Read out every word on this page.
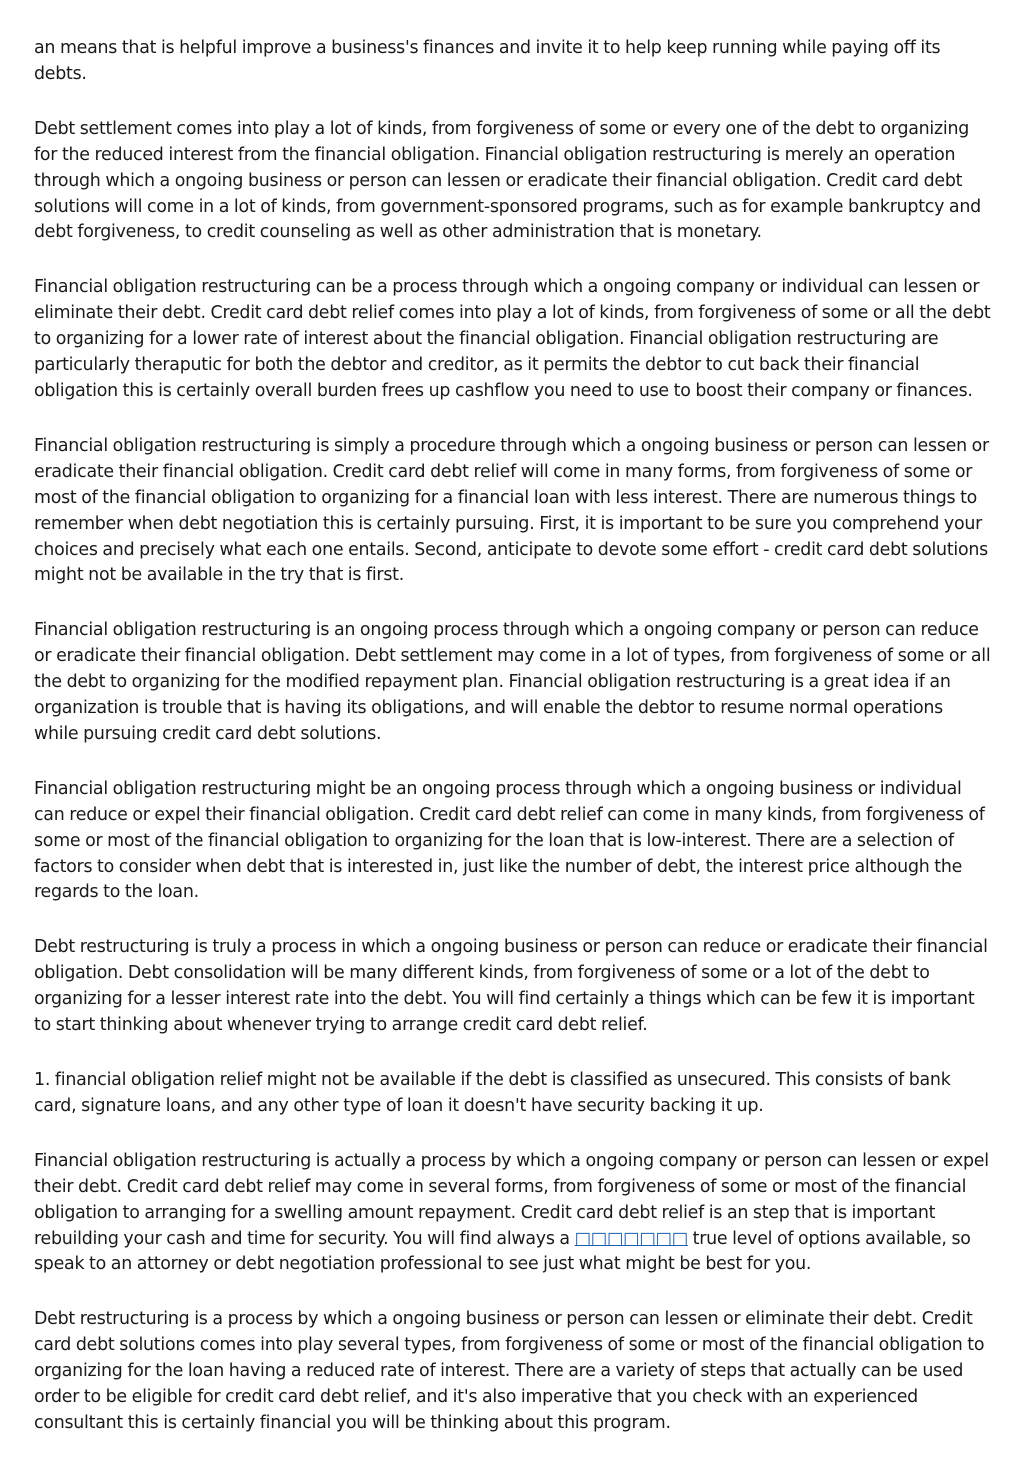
an means that is helpful improve a business's finances and invite it to help keep running while paying off its debts.

Debt settlement comes into play a lot of kinds, from forgiveness of some or every one of the debt to organizing for the reduced interest from the financial obligation. Financial obligation restructuring is merely an operation through which a ongoing business or person can lessen or eradicate their financial obligation. Credit card debt solutions will come in a lot of kinds, from government-sponsored programs, such as for example bankruptcy and debt forgiveness, to credit counseling as well as other administration that is monetary.

Financial obligation restructuring can be a process through which a ongoing company or individual can lessen or eliminate their debt. Credit card debt relief comes into play a lot of kinds, from forgiveness of some or all the debt to organizing for a lower rate of interest about the financial obligation. Financial obligation restructuring are particularly theraputic for both the debtor and creditor, as it permits the debtor to cut back their financial obligation this is certainly overall burden frees up cashflow you need to use to boost their company or finances.

Financial obligation restructuring is simply a procedure through which a ongoing business or person can lessen or eradicate their financial obligation. Credit card debt relief will come in many forms, from forgiveness of some or most of the financial obligation to organizing for a financial loan with less interest. There are numerous things to remember when debt negotiation this is certainly pursuing. First, it is important to be sure you comprehend your choices and precisely what each one entails. Second, anticipate to devote some effort - credit card debt solutions might not be available in the try that is first.

Financial obligation restructuring is an ongoing process through which a ongoing company or person can reduce or eradicate their financial obligation. Debt settlement may come in a lot of types, from forgiveness of some or all the debt to organizing for the modified repayment plan. Financial obligation restructuring is a great idea if an organization is trouble that is having its obligations, and will enable the debtor to resume normal operations while pursuing credit card debt solutions.

Financial obligation restructuring might be an ongoing process through which a ongoing business or individual can reduce or expel their financial obligation. Credit card debt relief can come in many kinds, from forgiveness of some or most of the financial obligation to organizing for the loan that is low-interest. There are a selection of factors to consider when debt that is interested in, just like the number of debt, the interest price although the regards to the loan.

Debt restructuring is truly a process in which a ongoing business or person can reduce or eradicate their financial obligation. Debt consolidation will be many different kinds, from forgiveness of some or a lot of the debt to organizing for a lesser interest rate into the debt. You will find certainly a things which can be few it is important to start thinking about whenever trying to arrange credit card debt relief.

1. financial obligation relief might not be available if the debt is classified as unsecured. This consists of bank card, signature loans, and any other type of loan it doesn't have security backing it up.

Financial obligation restructuring is actually a process by which a ongoing company or person can lessen or expel their debt. Credit card debt relief may come in several forms, from forgiveness of some or most of the financial obligation to arranging for a swelling amount repayment. Credit card debt relief is an step that is important rebuilding your cash and time for security. You will find always a □□□□□□□ true level of options available, so speak to an attorney or debt negotiation professional to see just what might be best for you.

Debt restructuring is a process by which a ongoing business or person can lessen or eliminate their debt. Credit card debt solutions comes into play several types, from forgiveness of some or most of the financial obligation to organizing for the loan having a reduced rate of interest. There are a variety of steps that actually can be used order to be eligible for credit card debt relief, and it's also imperative that you check with an experienced consultant this is certainly financial you will be thinking about this program.
